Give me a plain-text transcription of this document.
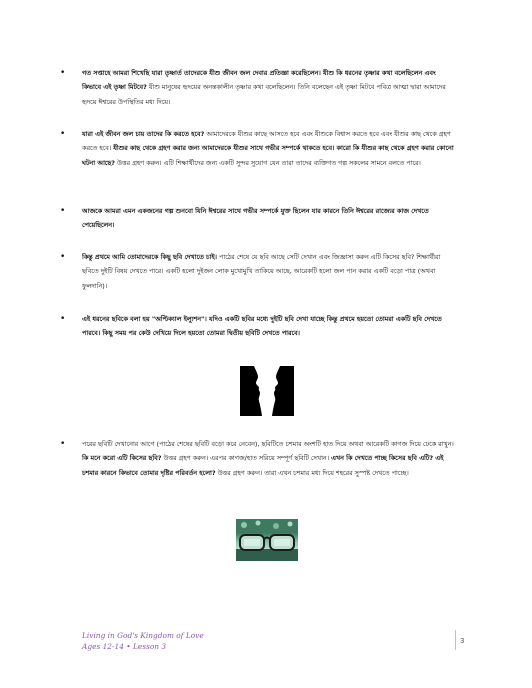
•	গত সপ্তাহে আমরা শিখেছি যারা তৃষ্ণার্ত তাদেরকে যীশু জীবন জল দেবার প্রতিজ্ঞা করেছিলেন। যীশু কি ধরনের তৃষ্ণার কথা বলেছিলেন এবং কিভাবে এই তৃষ্ণা মিটবে? যীশু মানুষের হৃদয়ের অনন্তকালীন তৃষ্ণার কথা বলেছিলেন। তিনি বলেছেন এই তৃষ্ণা মিটবে পবিত্র আত্মা দ্বারা আমাদের হৃদয়ে ঈশ্বরের উপস্থিতির মধ্য দিয়ে।
•	যারা এই জীবন জল চায় তাদের কি করতে হবে? আমাদেরকে যীশুর কাছে আসতে হবে এবং যীশুকে বিশ্বাস করতে হবে এবং যীশুর কাছ থেকে গ্রহণ করতে হবে। যীশুর কাছ থেকে গ্রহণ করার জন্য আমাদেরকে যীশুর সাথে গভীর সম্পর্কে থাকতে হবে। কারো কি যীশুর কাছ থেকে গ্রহণ করার কোনো ঘটনা আছে? উত্তর গ্রহণ করুন। এটি শিক্ষার্থীদের জন্য একটি সুন্দর সুযোগ যেন তারা তাদের ব্যক্তিগত গল্প সকলের সামনে বলতে পারে।
•	আজকে আমরা এমন একজনের গল্প শুনবো যিনি ঈশ্বরের সাথে গভীর সম্পর্কে যুক্ত ছিলেন যার কারনে তিনি ঈশ্বরের রাজ্যের কাজ দেখতে পেয়েছিলেন।
•	কিন্তু প্রথমে আমি তোমাদেরকে কিছু ছবি দেখাতে চাই। পাঠের শেষে যে ছবি আছে সেটি দেখান এবং জিজ্ঞাসা করুন এটি কিসের ছবি? শিক্ষার্থীরা ছবিতে দুইটি বিষয় দেখতে পারে। একটি হলো দুইজন লোক মুখোমুখি তাকিয়ে আছে, আরেকটি হলো জল পান করার একটি বড়ো পাত্র (অথবা ফুলদানি)।
•	এই ধরনের ছবিকে বলা হয় "অপ্টিক্যাল ইল্যুশন"। যদিও একটি ছবির মধ্যে দুইটি ছবি দেখা যাচ্ছে কিন্তু প্রথমে হয়তো তোমরা একটি ছবি দেখতে পারবে। কিছু সময় পর কেউ দেখিয়ে দিলে হয়তো তোমরা দ্বিতীয় ছবিটি দেখতে পারবে।
•	পরের ছবিটি দেখানোর আগে (পাঠের শেষের ছবিটি বড়ো করে নেবেন), ছবিটিতে চশমার অংশটি হাত দিয়ে অথবা আরেকটি কাগজ দিয়ে ঢেকে রাখুন। কি মনে করো এটি কিসের ছবি? উত্তর গ্রহণ করুন। এরপর কাগজ/হাত সরিয়ে সম্পূর্ণ ছবিটি দেখান। এখন কি দেখতে পাচ্ছ কিসের ছবি এটি? এই চশমার কারনে কিভাবে তোমার দৃষ্টির পরিবর্তন হলো? উত্তর গ্রহণ করুন। তারা এখন চশমার মধ্য দিয়ে শহরের সুস্পষ্ট দেখতে পাচ্ছে।
Living in God's Kingdom of Love
Ages 12-14 • Lesson 3
3
